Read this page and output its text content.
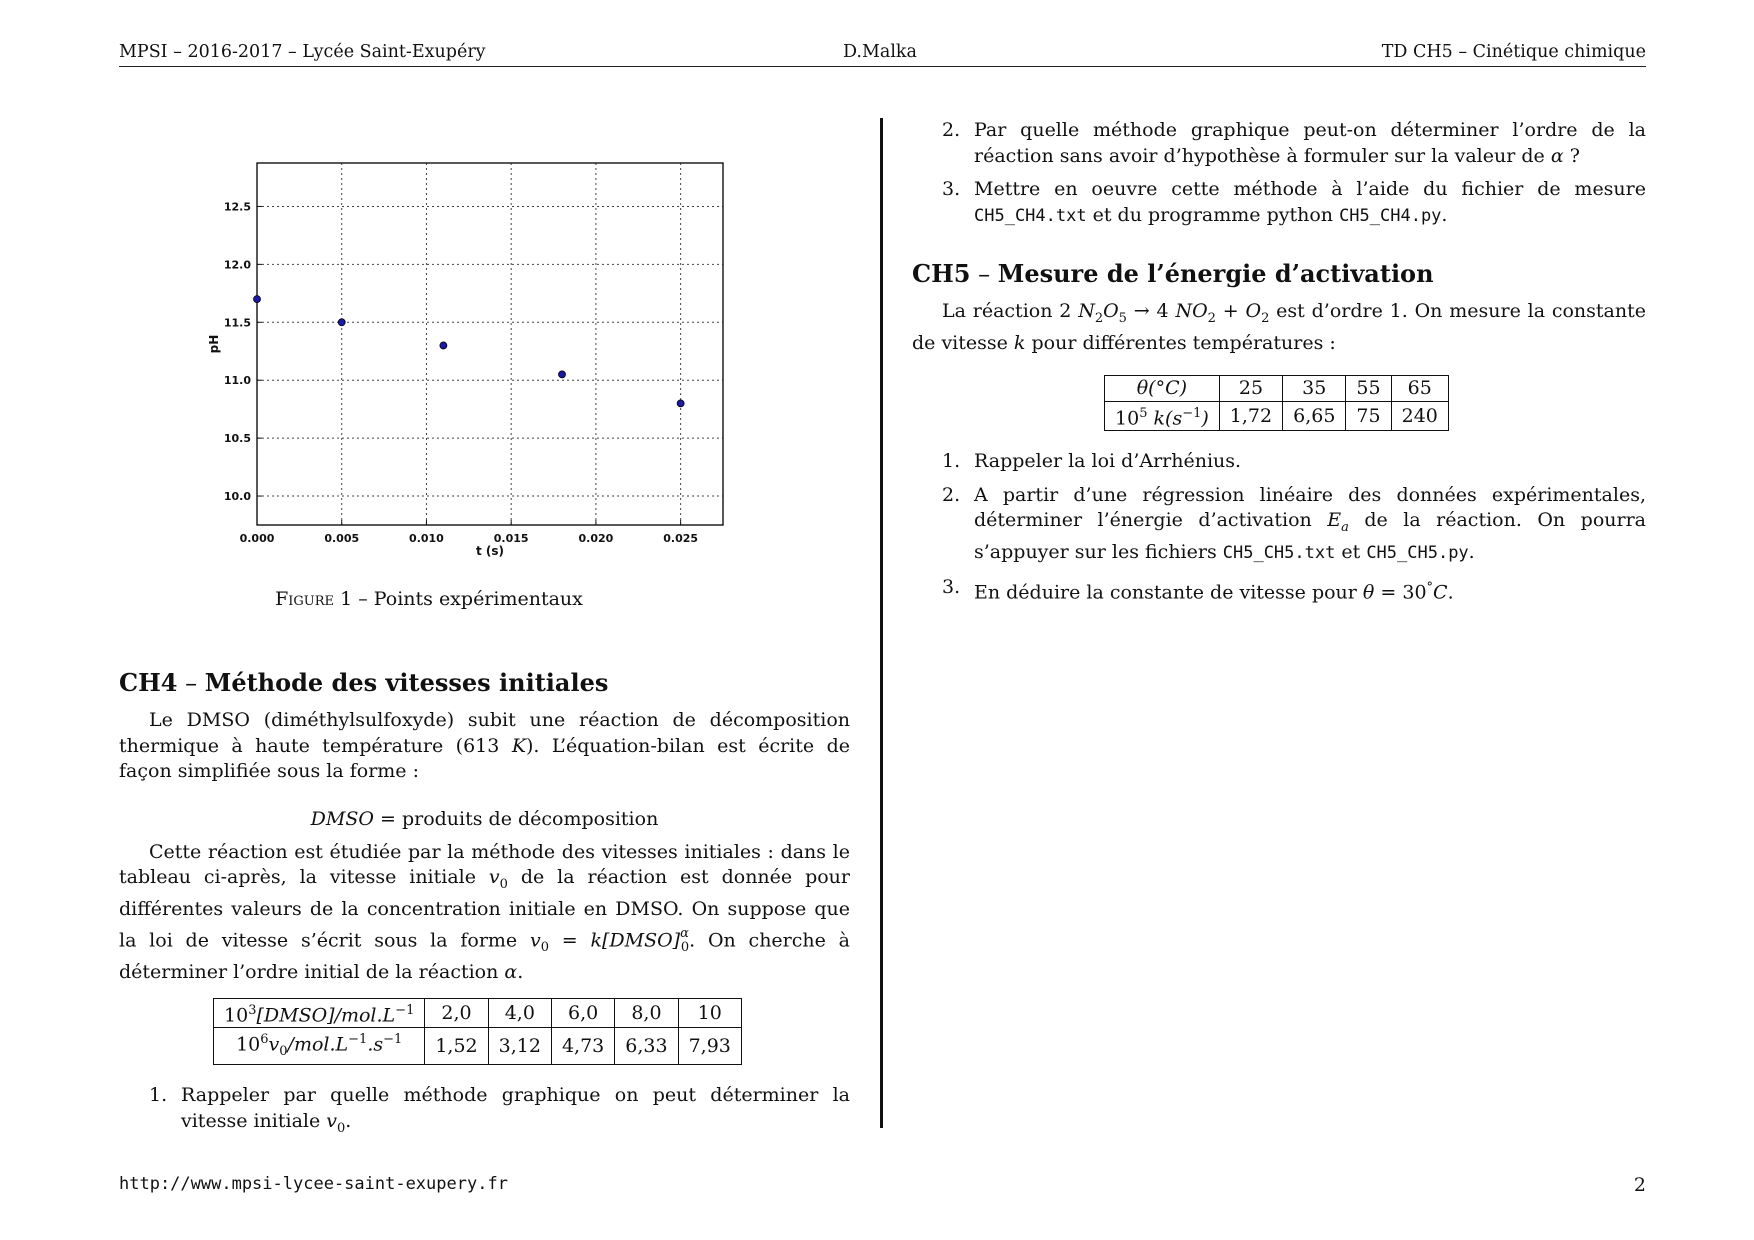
MPSI – 2016-2017 – Lycée Saint-Exupéry	D.Malka	TD CH5 – Cinétique chimique
0.000	0.005	0.010	0.015	0.020	0.025
10.0
10.5
11.0
11.5
12.0
12.5
t (s)
pH
Figure 1 – Points expérimentaux
CH4 – Méthode des vitesses initiales

Le DMSO (diméthylsulfoxyde) subit une réaction de décomposition thermique à haute température (613 K). L’équation-bilan est écrite de façon simplifiée sous la forme :

DMSO = produits de décomposition

Cette réaction est étudiée par la méthode des vitesses initiales : dans le tableau ci-après, la vitesse initiale $v_0$ de la réaction est donnée pour différentes valeurs de la concentration initiale en DMSO. On suppose que la loi de vitesse s’écrit sous la forme $v_0$ = k[DMSO]$^\alpha_0$. On cherche à déterminer l’ordre initial de la réaction α.

$10^3[DMSO]/mol.L^{-1}$	2,0	4,0	6,0	8,0	10
$10^6v_0/mol.L^{-1}.s^{-1}$	1,52	3,12	4,73	6,33	7,93
1. Rappeler par quelle méthode graphique on peut déterminer la vitesse initiale $v_0$.
2. Par quelle méthode graphique peut-on déterminer l’ordre de la réaction sans avoir d’hypothèse à formuler sur la valeur de α ?
3. Mettre en oeuvre cette méthode à l’aide du fichier de mesure CH5_CH4.txt et du programme python CH5_CH4.py.
CH5 – Mesure de l’énergie d’activation

La réaction 2 $N_2O_5 \to 4$ $NO_2 + O_2$ est d’ordre 1. On mesure la constante de vitesse k pour différentes températures :

θ(°C)	25	35	55	65
$10^5$ $k(s^{-1})$	1,72	6,65	75	240
1. Rappeler la loi d’Arrhénius.
2. A partir d’une régression linéaire des données expérimentales, déterminer l’énergie d’activation $E_a$ de la réaction. On pourra s’appuyer sur les fichiers CH5_CH5.txt et CH5_CH5.py.
3. En déduire la constante de vitesse pour θ = 30°C.
http://www.mpsi-lycee-saint-exupery.fr	2
